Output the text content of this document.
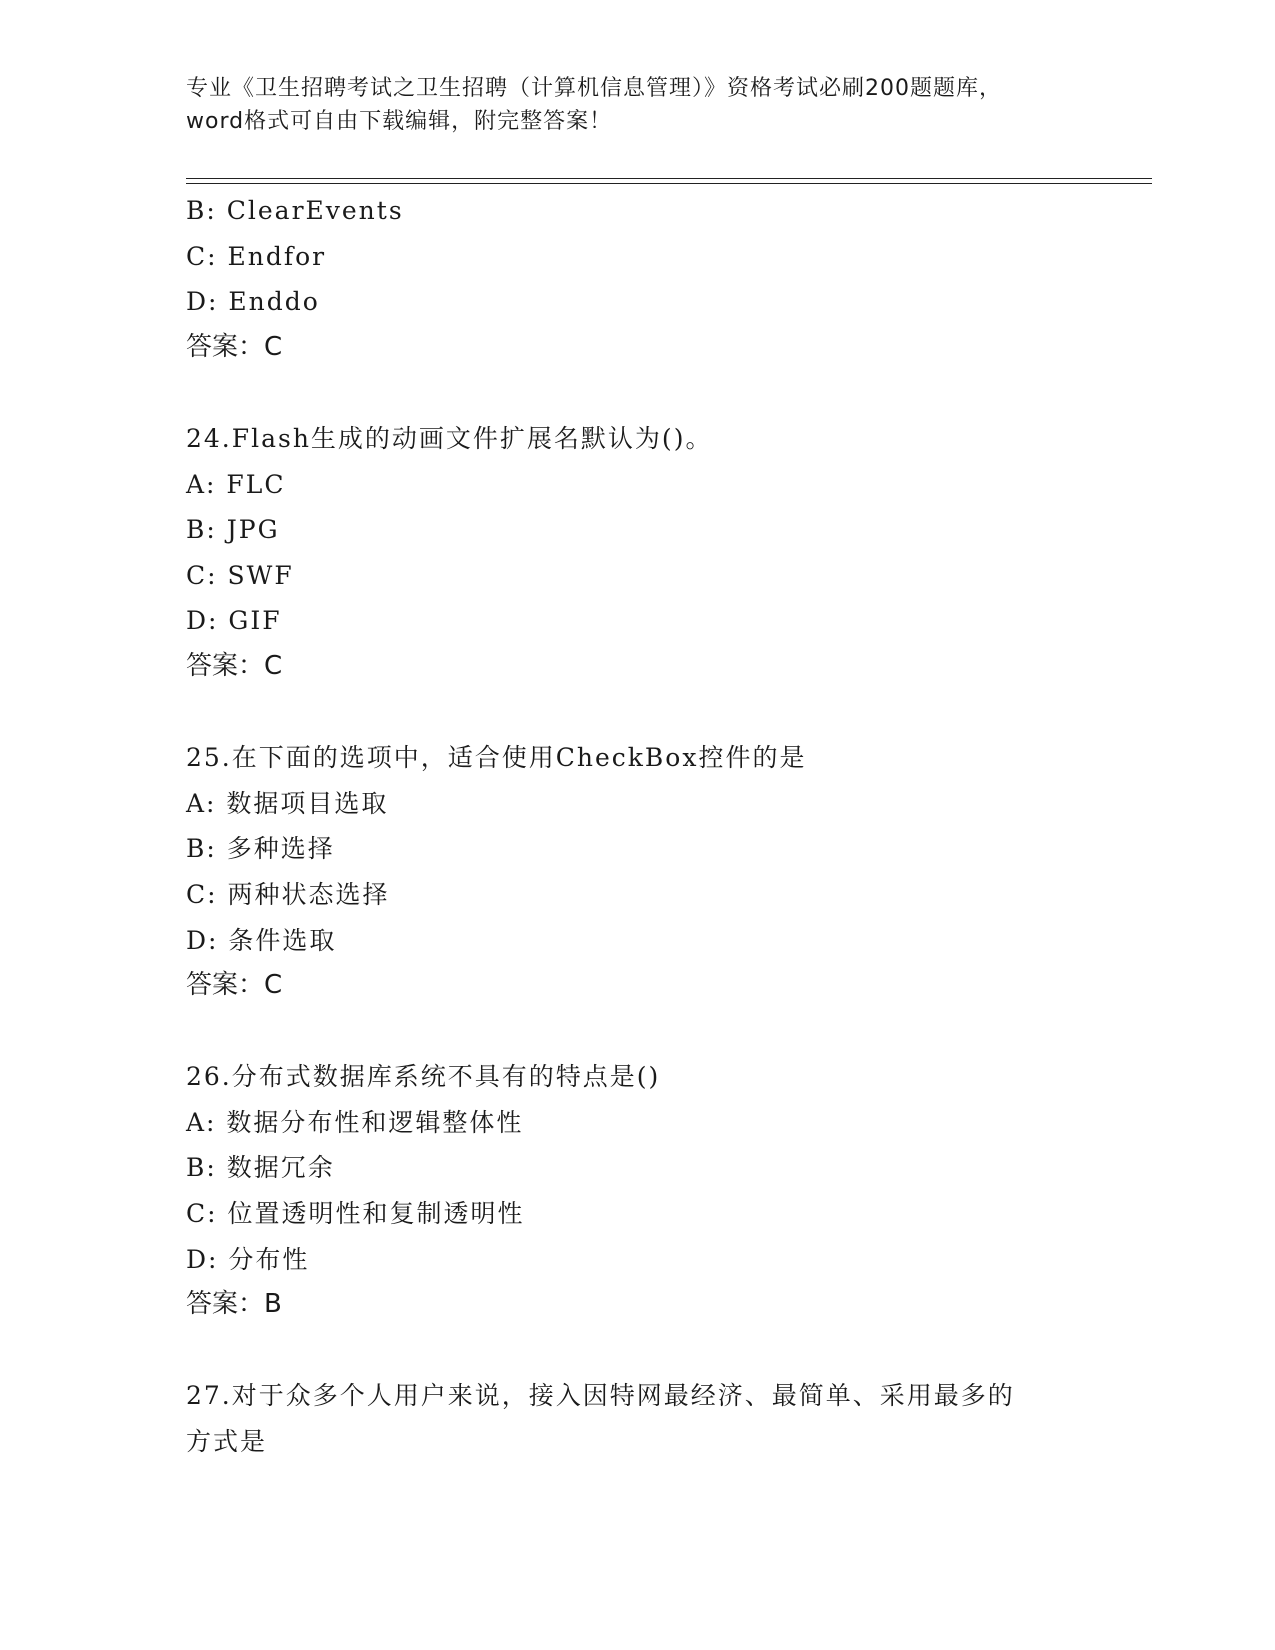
专业《卫生招聘考试之卫生招聘（计算机信息管理）》资格考试必刷200题题库，
word格式可自由下载编辑，附完整答案！
B: ClearEvents
C: Endfor
D: Enddo
答案：C
24.Flash生成的动画文件扩展名默认为()。
A: FLC
B: JPG
C: SWF
D: GIF
答案：C
25.在下面的选项中，适合使用CheckBox控件的是
A: 数据项目选取
B: 多种选择
C: 两种状态选择
D: 条件选取
答案：C
26.分布式数据库系统不具有的特点是()
A: 数据分布性和逻辑整体性
B: 数据冗余
C: 位置透明性和复制透明性
D: 分布性
答案：B
27.对于众多个人用户来说，接入因特网最经济、最简单、采用最多的
方式是
